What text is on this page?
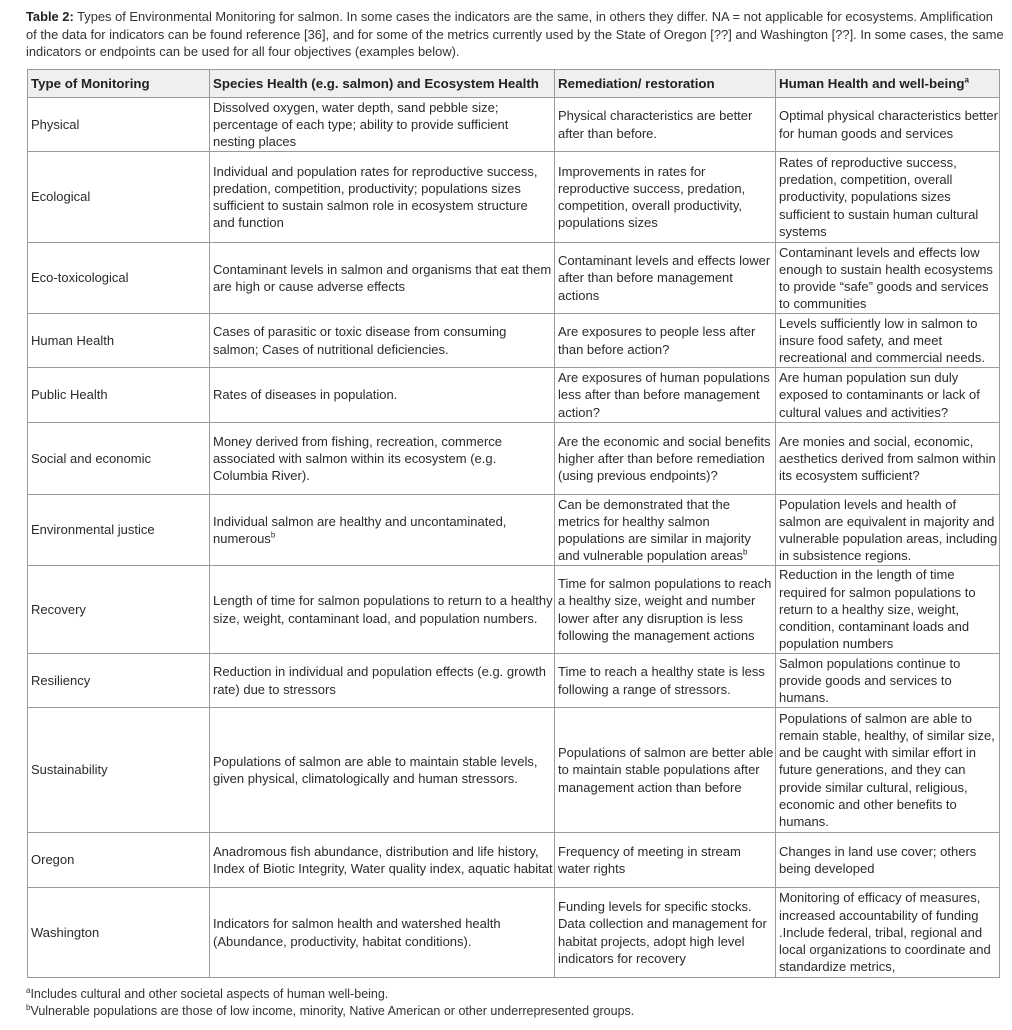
Table 2: Types of Environmental Monitoring for salmon. In some cases the indicators are the same, in others they differ. NA = not applicable for ecosystems. Amplification of the data for indicators can be found reference [36], and for some of the metrics currently used by the State of Oregon [??] and Washington [??]. In some cases, the same indicators or endpoints can be used for all four objectives (examples below).
Type of Monitoring	Species Health (e.g. salmon) and Ecosystem Health	Remediation/ restoration	Human Health and well-being$^a$
Physical	Dissolved oxygen, water depth, sand pebble size; percentage of each type; ability to provide sufficient nesting places	Physical characteristics are better after than before.	Optimal physical characteristics better for human goods and services
Ecological	Individual and population rates for reproductive success, predation, competition, productivity; populations sizes sufficient to sustain salmon role in ecosystem structure and function	Improvements in rates for reproductive success, predation, competition, overall productivity, populations sizes	Rates of reproductive success, predation, competition, overall productivity, populations sizes sufficient to sustain human cultural systems
Eco-toxicological	Contaminant levels in salmon and organisms that eat them are high or cause adverse effects	Contaminant levels and effects lower after than before management actions	Contaminant levels and effects low enough to sustain health ecosystems to provide “safe” goods and services to communities
Human Health	Cases of parasitic or toxic disease from consuming salmon; Cases of nutritional deficiencies.	Are exposures to people less after than before action?	Levels sufficiently low in salmon to insure food safety, and meet recreational and commercial needs.
Public Health	Rates of diseases in population.	Are exposures of human populations less after than before management action?	Are human population sun duly exposed to contaminants or lack of cultural values and activities?
Social and economic	Money derived from fishing, recreation, commerce associated with salmon within its ecosystem (e.g. Columbia River).	Are the economic and social benefits higher after than before remediation (using previous endpoints)?	Are monies and social, economic, aesthetics derived from salmon within its ecosystem sufficient?
Environmental justice	Individual salmon are healthy and uncontaminated, numerous$^b$	Can be demonstrated that the metrics for healthy salmon populations are similar in majority and vulnerable population areas$^b$	Population levels and health of salmon are equivalent in majority and vulnerable population areas, including in subsistence regions.
Recovery	Length of time for salmon populations to return to a healthy size, weight, contaminant load, and population numbers.	Time for salmon populations to reach a healthy size, weight and number lower after any disruption is less following the management actions	Reduction in the length of time required for salmon populations to return to a healthy size, weight, condition, contaminant loads and population numbers
Resiliency	Reduction in individual and population effects (e.g. growth rate) due to stressors	Time to reach a healthy state is less following a range of stressors.	Salmon populations continue to provide goods and services to humans.
Sustainability	Populations of salmon are able to maintain stable levels, given physical, climatologically and human stressors.	Populations of salmon are better able to maintain stable populations after management action than before	Populations of salmon are able to remain stable, healthy, of similar size, and be caught with similar effort in future generations, and they can provide similar cultural, religious, economic and other benefits to humans.
Oregon	Anadromous fish abundance, distribution and life history, Index of Biotic Integrity, Water quality index, aquatic habitat	Frequency of meeting in stream water rights	Changes in land use cover; others being developed
Washington	Indicators for salmon health and watershed health (Abundance, productivity, habitat conditions).	Funding levels for specific stocks. Data collection and management for habitat projects, adopt high level indicators for recovery	Monitoring of efficacy of measures, increased accountability of funding .Include federal, tribal, regional and local organizations to coordinate and standardize metrics,
$^a$Includes cultural and other societal aspects of human well-being.
$^b$Vulnerable populations are those of low income, minority, Native American or other underrepresented groups.
